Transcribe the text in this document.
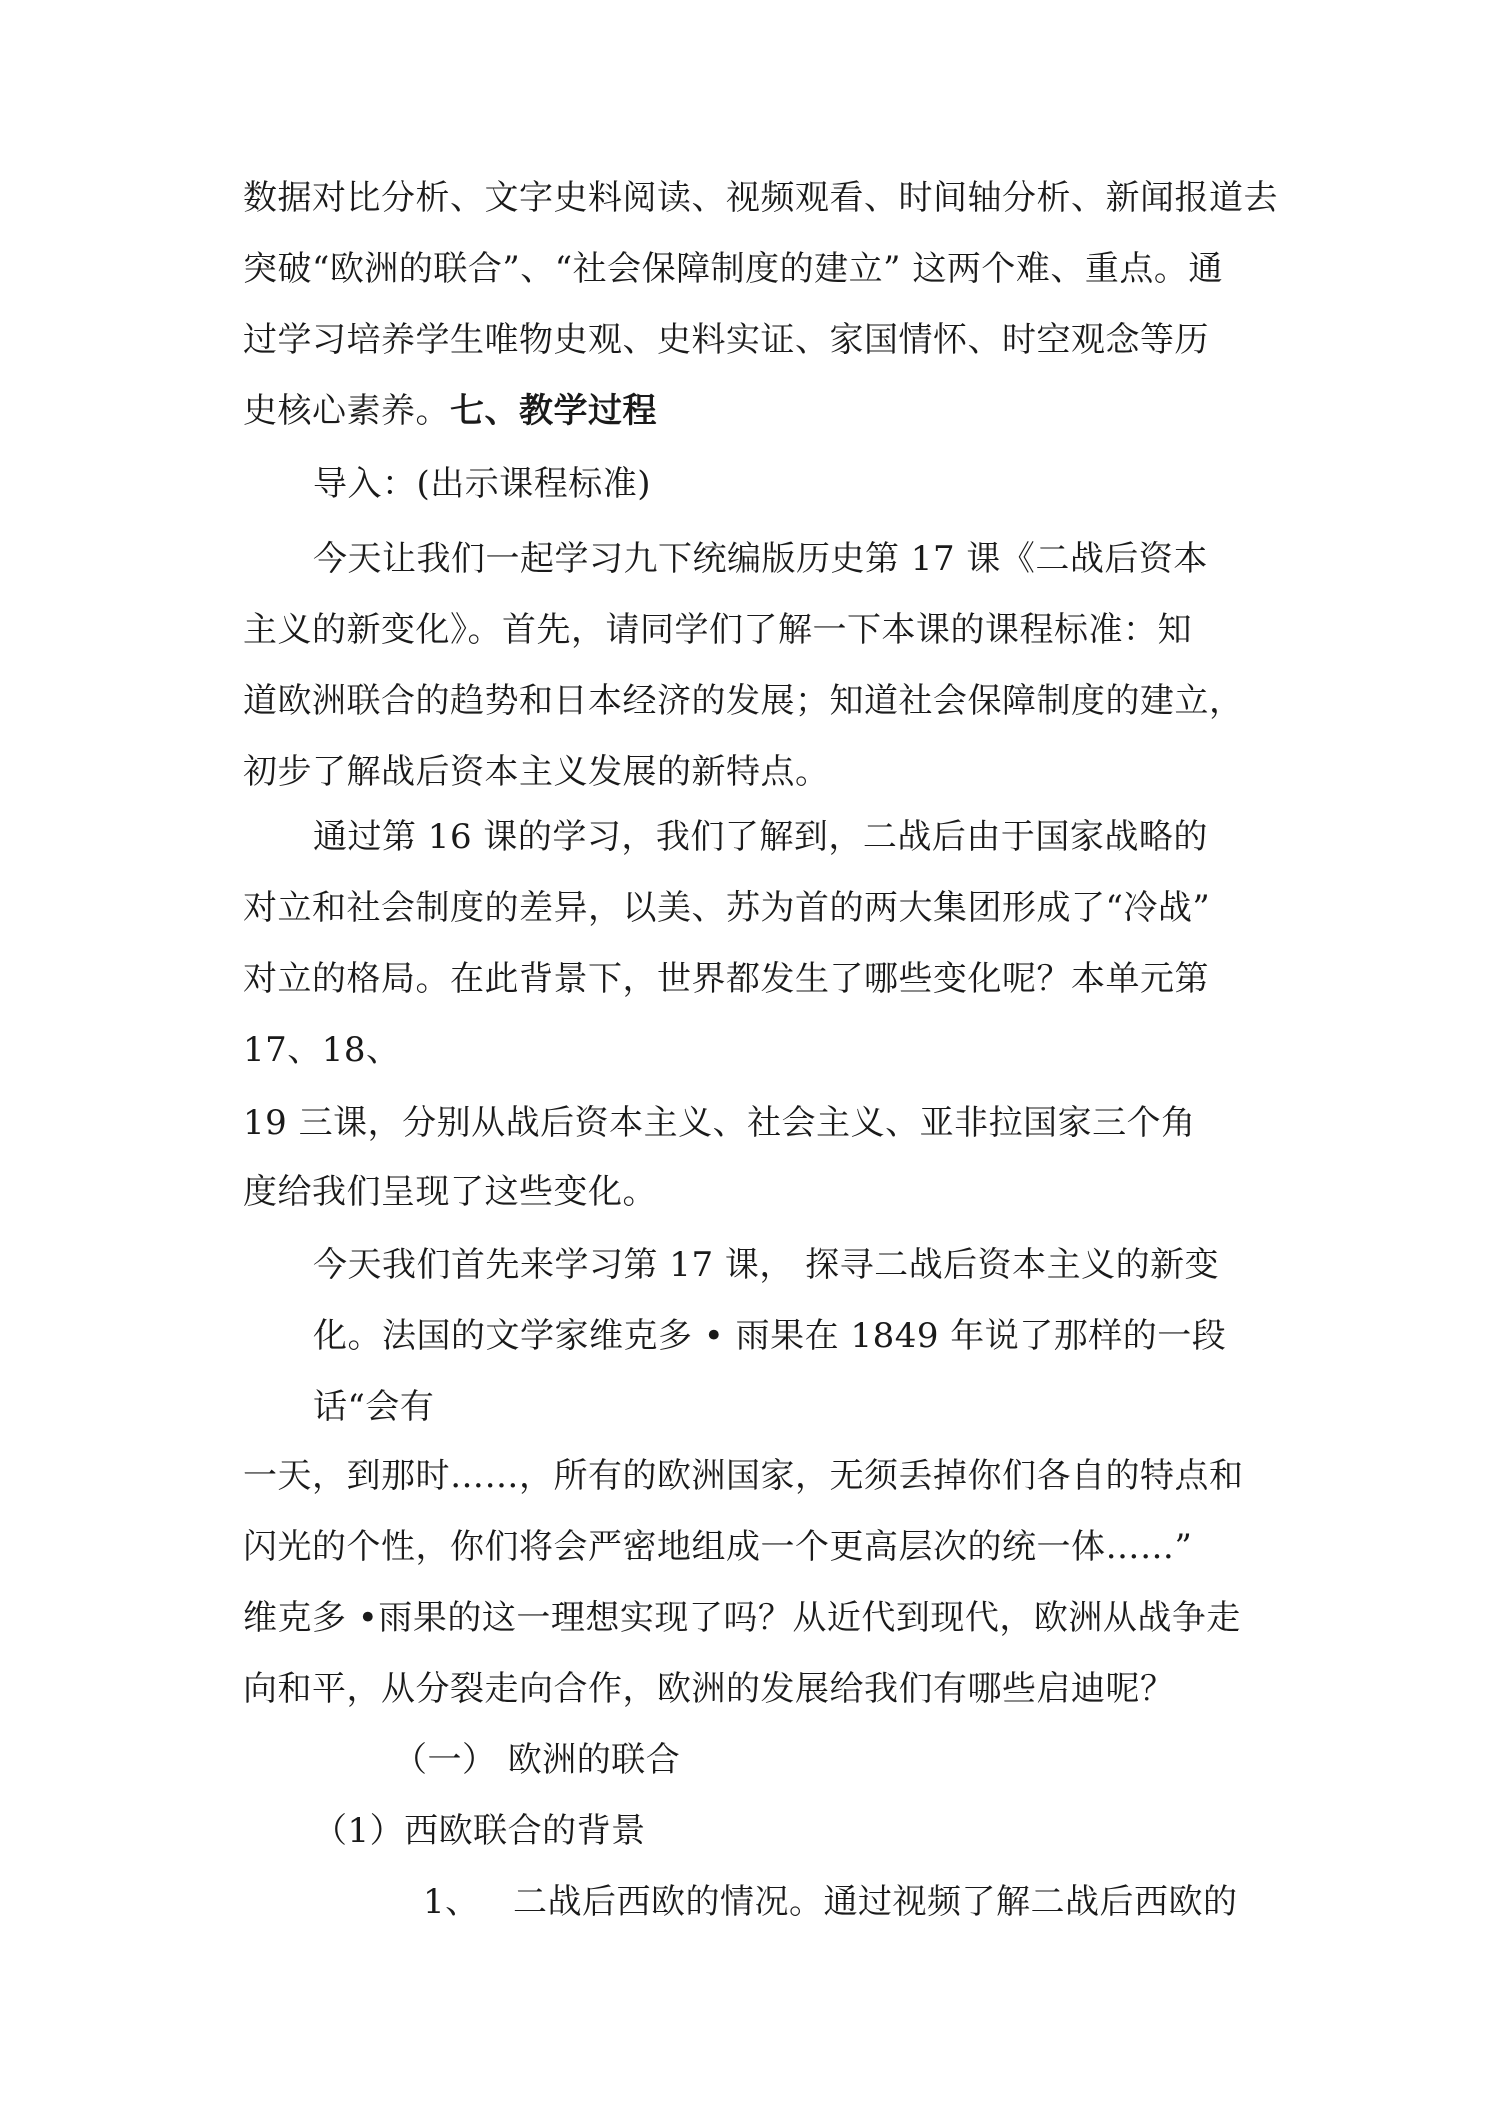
数据对比分析、文字史料阅读、视频观看、时间轴分析、新闻报道去
突破“欧洲的联合”、“社会保障制度的建立” 这两个难、重点。通
过学习培养学生唯物史观、史料实证、家国情怀、时空观念等历
史核心素养。七、教学过程
导入：(出示课程标准)
今天让我们一起学习九下统编版历史第 17 课《二战后资本
主义的新变化》。首先，请同学们了解一下本课的课程标准：知
道欧洲联合的趋势和日本经济的发展；知道社会保障制度的建立，
初步了解战后资本主义发展的新特点。
通过第 16 课的学习，我们了解到，二战后由于国家战略的
对立和社会制度的差异，以美、苏为首的两大集团形成了“冷战”
对立的格局。在此背景下，世界都发生了哪些变化呢？本单元第
17、18、
19 三课，分别从战后资本主义、社会主义、亚非拉国家三个角
度给我们呈现了这些变化。
今天我们首先来学习第 17 课， 探寻二战后资本主义的新变
化。法国的文学家维克多 • 雨果在 1849 年说了那样的一段
话“会有
一天，到那时……，所有的欧洲国家，无须丢掉你们各自的特点和
闪光的个性，你们将会严密地组成一个更高层次的统一体……”
维克多 •雨果的这一理想实现了吗？从近代到现代，欧洲从战争走
向和平，从分裂走向合作，欧洲的发展给我们有哪些启迪呢？
（一） 欧洲的联合
（1）西欧联合的背景
1、 二战后西欧的情况。通过视频了解二战后西欧的
